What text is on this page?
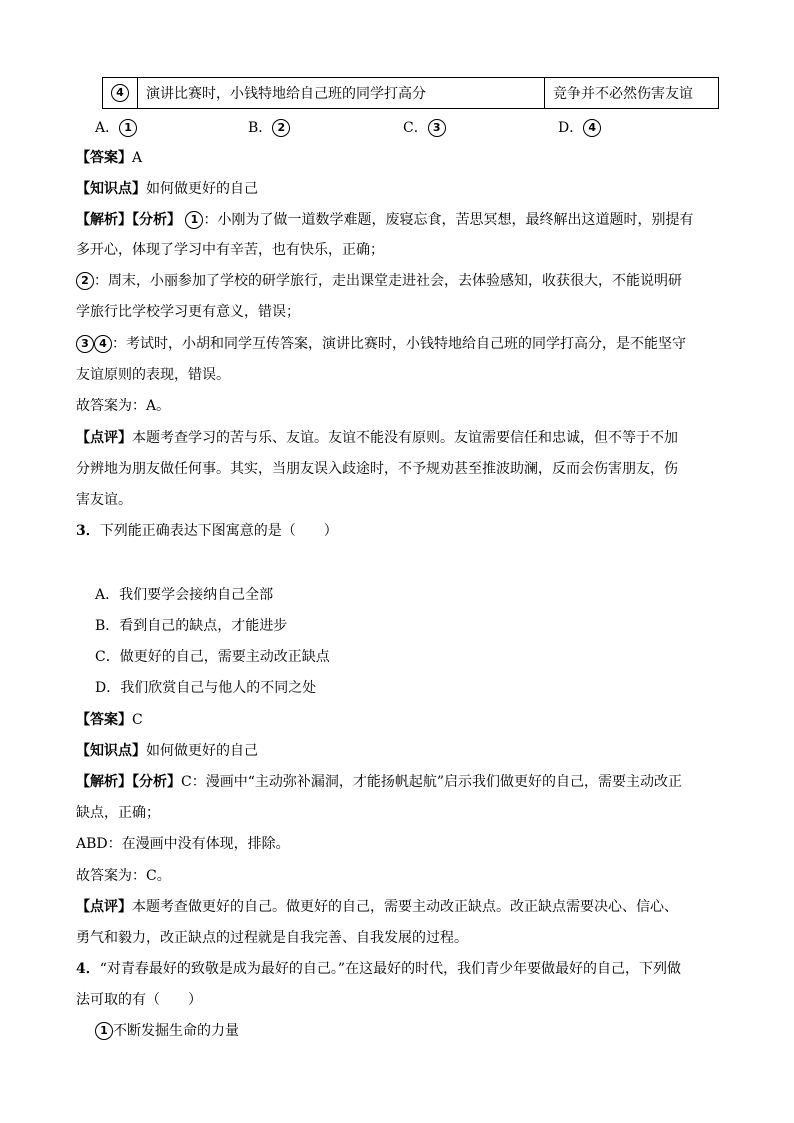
4	演讲比赛时，小钱特地给自己班的同学打高分	竞争并不必然伤害友谊
A． 1	B． 2	C． 3	D． 4
【答案】A
【知识点】如何做更好的自己
【解析】【分析】 1 ：小刚为了做一道数学难题，废寝忘食，苦思冥想，最终解出这道题时，别提有
多开心，体现了学习中有辛苦，也有快乐，正确；
2 ：周末，小丽参加了学校的研学旅行，走出课堂走进社会，去体验感知，收获很大，不能说明研
学旅行比学校学习更有意义，错误；
3 4 ：考试时，小胡和同学互传答案，演讲比赛时，小钱特地给自己班的同学打高分，是不能坚守
友谊原则的表现，错误。
故答案为：A。
【点评】本题考查学习的苦与乐、友谊。友谊不能没有原则。友谊需要信任和忠诚，但不等于不加
分辨地为朋友做任何事。其实，当朋友误入歧途时，不予规劝甚至推波助澜，反而会伤害朋友，伤
害友谊。
3．下列能正确表达下图寓意的是（　　）
A．我们要学会接纳自己全部
B．看到自己的缺点，才能进步
C．做更好的自己，需要主动改正缺点
D．我们欣赏自己与他人的不同之处
【答案】C
【知识点】如何做更好的自己
【解析】【分析】C：漫画中“主动弥补漏洞，才能扬帆起航”启示我们做更好的自己，需要主动改正
缺点，正确；
ABD：在漫画中没有体现，排除。
故答案为：C。
【点评】本题考查做更好的自己。做更好的自己，需要主动改正缺点。改正缺点需要决心、信心、
勇气和毅力，改正缺点的过程就是自我完善、自我发展的过程。
4．“对青春最好的致敬是成为最好的自己。”在这最好的时代，我们青少年要做最好的自己，下列做
法可取的有（　　）
1 不断发掘生命的力量
